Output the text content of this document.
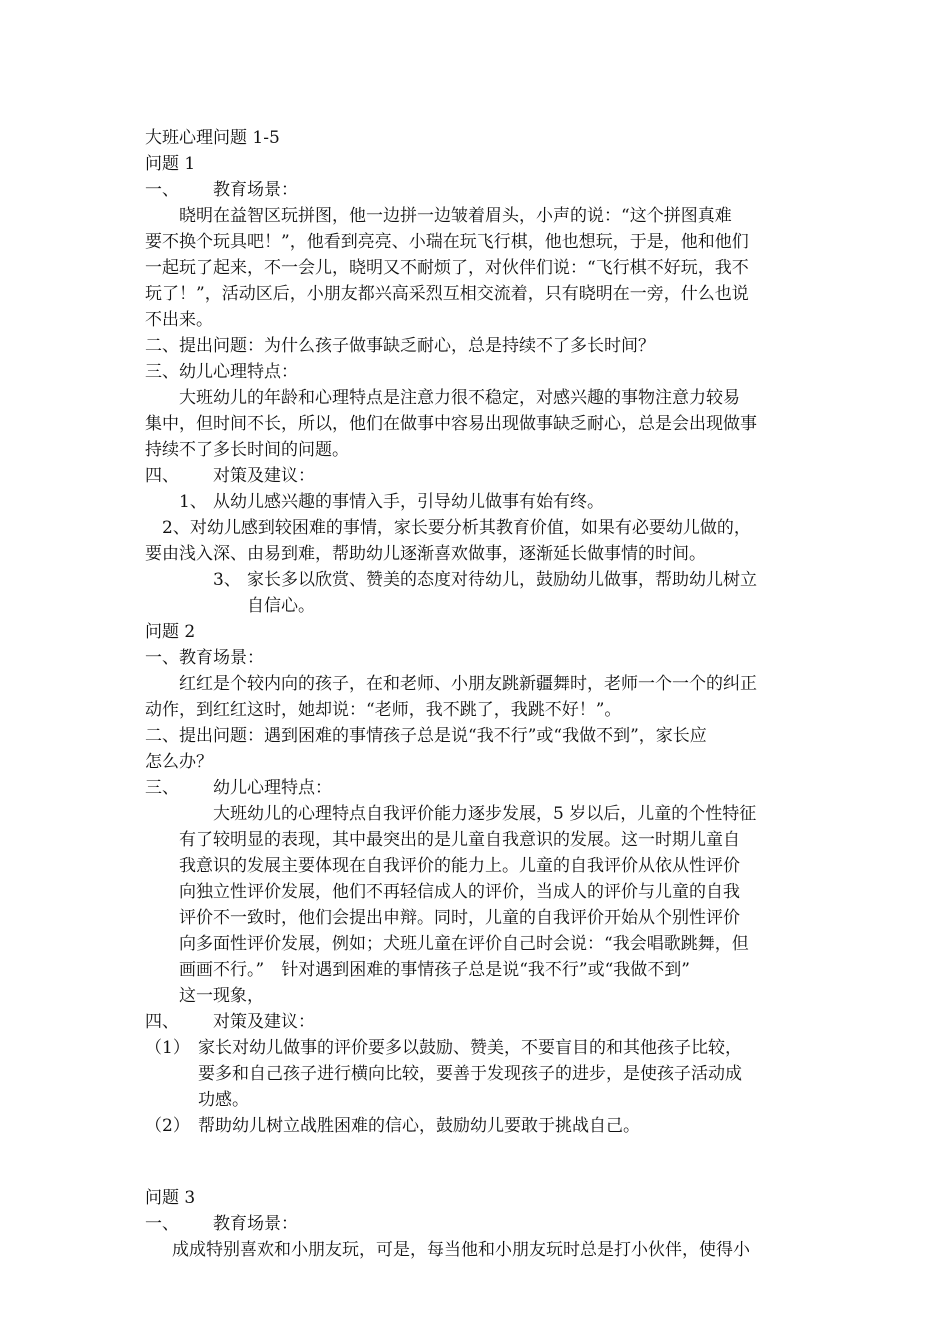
大班心理问题 1-5
问题 1
一、 教育场景：
晓明在益智区玩拼图，他一边拼一边皱着眉头，小声的说：“这个拼图真难
要不换个玩具吧！”，他看到亮亮、小瑞在玩飞行棋，他也想玩，于是，他和他们
一起玩了起来，不一会儿，晓明又不耐烦了，对伙伴们说：“飞行棋不好玩，我不
玩了！”，活动区后，小朋友都兴高采烈互相交流着，只有晓明在一旁，什么也说
不出来。
二、提出问题：为什么孩子做事缺乏耐心，总是持续不了多长时间？
三、幼儿心理特点：
大班幼儿的年龄和心理特点是注意力很不稳定，对感兴趣的事物注意力较易
集中，但时间不长，所以，他们在做事中容易出现做事缺乏耐心，总是会出现做事
持续不了多长时间的问题。
四、 对策及建议：
1、 从幼儿感兴趣的事情入手，引导幼儿做事有始有终。
2、对幼儿感到较困难的事情，家长要分析其教育价值，如果有必要幼儿做的，
要由浅入深、由易到难，帮助幼儿逐渐喜欢做事，逐渐延长做事情的时间。
3、 家长多以欣赏、赞美的态度对待幼儿，鼓励幼儿做事，帮助幼儿树立
自信心。
问题 2
一、教育场景：
红红是个较内向的孩子，在和老师、小朋友跳新疆舞时，老师一个一个的纠正
动作，到红红这时，她却说：“老师，我不跳了，我跳不好！”。
二、提出问题：遇到困难的事情孩子总是说“我不行”或“我做不到”，家长应
怎么办？
三、 幼儿心理特点：
大班幼儿的心理特点自我评价能力逐步发展，5 岁以后，儿童的个性特征
有了较明显的表现，其中最突出的是儿童自我意识的发展。这一时期儿童自
我意识的发展主要体现在自我评价的能力上。儿童的自我评价从依从性评价
向独立性评价发展，他们不再轻信成人的评价，当成人的评价与儿童的自我
评价不一致时，他们会提出申辩。同时，儿童的自我评价开始从个别性评价
向多面性评价发展，例如；犬班儿童在评价自己时会说：“我会唱歌跳舞，但
画画不行。”　针对遇到困难的事情孩子总是说“我不行”或“我做不到”
这一现象，
四、 对策及建议：
（1） 家长对幼儿做事的评价要多以鼓励、赞美，不要盲目的和其他孩子比较，
要多和自己孩子进行横向比较，要善于发现孩子的进步，是使孩子活动成
功感。
（2） 帮助幼儿树立战胜困难的信心，鼓励幼儿要敢于挑战自己。
问题 3
一、 教育场景：
成成特别喜欢和小朋友玩，可是，每当他和小朋友玩时总是打小伙伴，使得小
